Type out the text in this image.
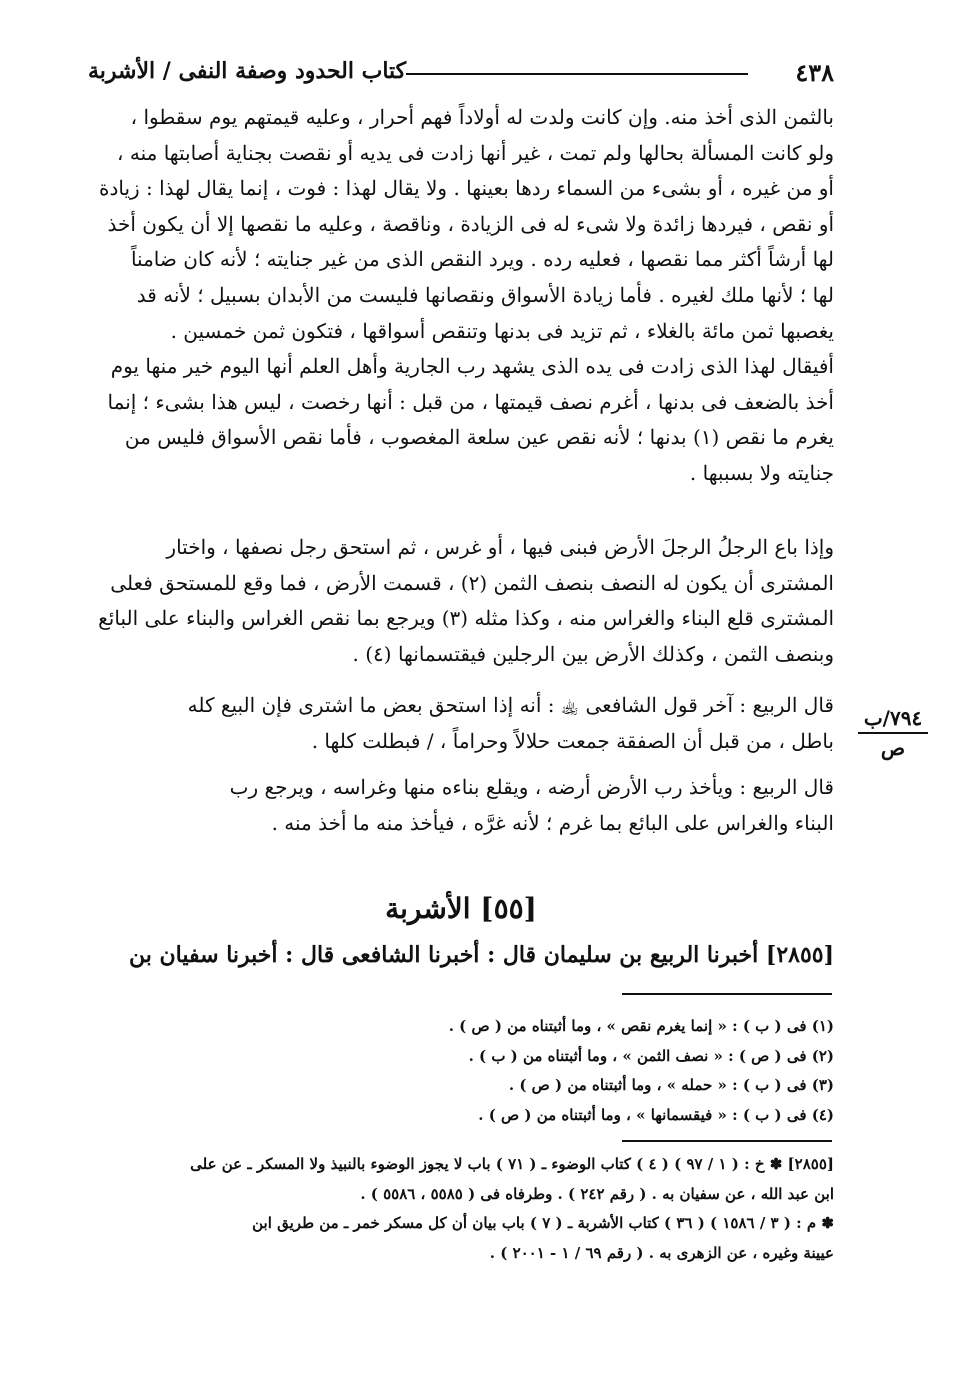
٤٣٨
كتاب الحدود وصفة النفى / الأشربة

بالثمن الذى أخذ منه. وإن كانت ولدت له أولاداً فهم أحرار ، وعليه قيمتهم يوم سقطوا ،

ولو كانت المسألة بحالها ولم تمت ، غير أنها زادت فى يديه أو نقصت بجناية أصابتها منه ،

أو من غيره ، أو بشىء من السماء ردها بعينها . ولا يقال لهذا : فوت ، إنما يقال لهذا : زيادة

أو نقص ، فيردها زائدة ولا شىء له فى الزيادة ، وناقصة ، وعليه ما نقصها إلا أن يكون أخذ

لها أرشاً أكثر مما نقصها ، فعليه رده . ويرد النقص الذى من غير جنايته ؛ لأنه كان ضامناً

لها ؛ لأنها ملك لغيره . فأما زيادة الأسواق ونقصانها فليست من الأبدان بسبيل ؛ لأنه قد

يغصبها ثمن مائة بالغلاء ، ثم تزيد فى بدنها وتنقص أسواقها ، فتكون ثمن خمسين .

أفيقال لهذا الذى زادت فى يده الذى يشهد رب الجارية وأهل العلم أنها اليوم خير منها يوم

أخذ بالضعف فى بدنها ، أغرم نصف قيمتها ، من قبل : أنها رخصت ، ليس هذا بشىء ؛ إنما

يغرم ما نقص (١) بدنها ؛ لأنه نقص عين سلعة المغصوب ، فأما نقص الأسواق فليس من

جنايته ولا بسببها .

وإذا باع الرجلُ الرجلَ الأرض فبنى فيها ، أو غرس ، ثم استحق رجل نصفها ، واختار

المشترى أن يكون له النصف بنصف الثمن (٢) ، قسمت الأرض ، فما وقع للمستحق فعلى

المشترى قلع البناء والغراس منه ، وكذا مثله (٣) ويرجع بما نقص الغراس والبناء على البائع

وبنصف الثمن ، وكذلك الأرض بين الرجلين فيقتسمانها (٤) .

قال الربيع : آخر قول الشافعى ﵀ : أنه إذا استحق بعض ما اشترى فإن البيع كله

باطل ، من قبل أن الصفقة جمعت حلالاً وحراماً ، / فبطلت كلها .

قال الربيع : ويأخذ رب الأرض أرضه ، ويقلع بناءه منها وغراسه ، ويرجع رب

البناء والغراس على البائع بما غرم ؛ لأنه غرَّه ، فيأخذ منه ما أخذ منه .

٧٩٤/ب
ص
[٥٥] الأشربة
[٢٨٥٥] أخبرنا الربيع بن سليمان قال : أخبرنا الشافعى قال : أخبرنا سفيان بن
(١) فى ( ب ) : « إنما يغرم نقص » ، وما أثبتناه من ( ص ) .
(٢) فى ( ص ) : « نصف الثمن » ، وما أثبتناه من ( ب ) .
(٣) فى ( ب ) : « حمله » ، وما أثبتناه من ( ص ) .
(٤) فى ( ب ) : « فيقسمانها » ، وما أثبتناه من ( ص ) .

[٢٨٥٥] ✽ خ : ( ١ / ٩٧ ) ( ٤ ) كتاب الوضوء ـ ( ٧١ ) باب لا يجوز الوضوء بالنبيذ ولا المسكر ـ عن على

ابن عبد الله ، عن سفيان به . ( رقم ٢٤٢ ) . وطرفاه فى ( ٥٥٨٥ ، ٥٥٨٦ ) .

✽ م : ( ٣ / ١٥٨٦ ) ( ٣٦ ) كتاب الأشربة ـ ( ٧ ) باب بيان أن كل مسكر خمر ـ من طريق ابن

عيينة وغيره ، عن الزهرى به . ( رقم ٦٩ / ١ - ٢٠٠١ ) .
